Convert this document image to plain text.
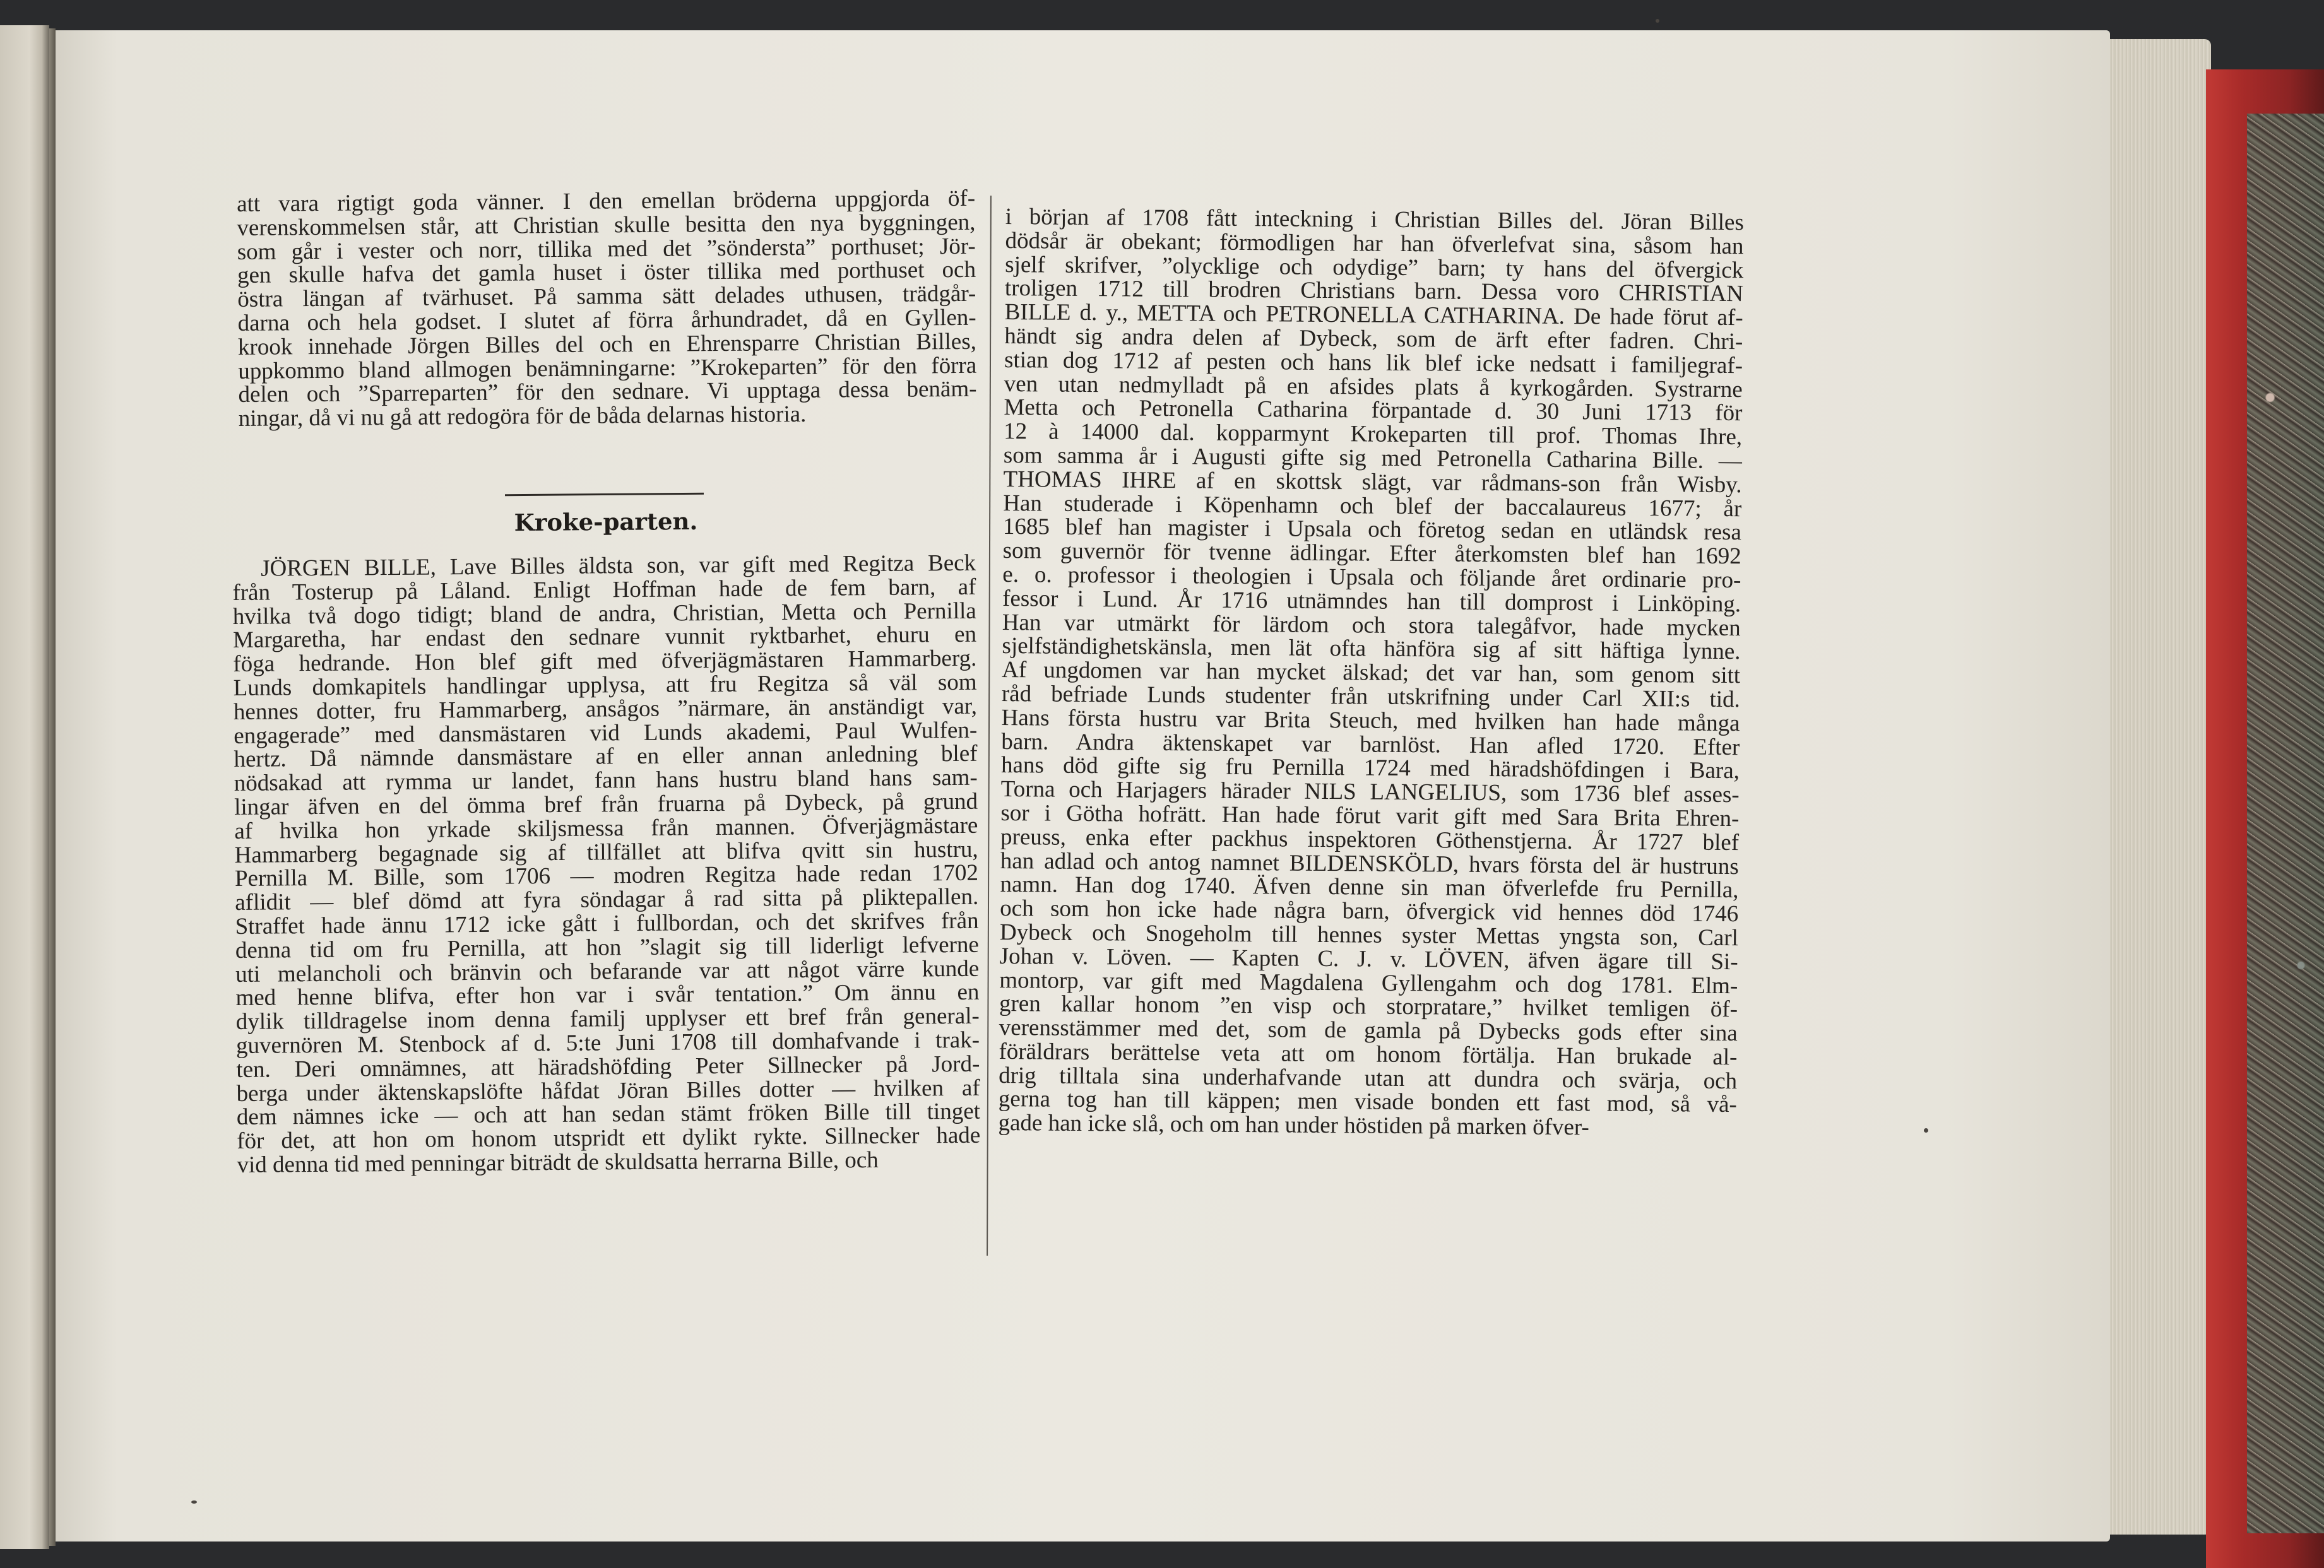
att vara rigtigt goda vänner. I den emellan bröderna uppgjorda öf-
verenskommelsen står, att Christian skulle besitta den nya byggningen,
som går i vester och norr, tillika med det ”söndersta” porthuset; Jör-
gen skulle hafva det gamla huset i öster tillika med porthuset och
östra längan af tvärhuset. På samma sätt delades uthusen, trädgår-
darna och hela godset. I slutet af förra århundradet, då en Gyllen-
krook innehade Jörgen Billes del och en Ehrensparre Christian Billes,
uppkommo bland allmogen benämningarne: ”Krokeparten” för den förra
delen och ”Sparreparten” för den sednare. Vi upptaga dessa benäm-
ningar, då vi nu gå att redogöra för de båda delarnas historia.
Kroke-parten.
JÖRGEN BILLE, Lave Billes äldsta son, var gift med Regitza Beck
från Tosterup på Låland. Enligt Hoffman hade de fem barn, af
hvilka två dogo tidigt; bland de andra, Christian, Metta och Pernilla
Margaretha, har endast den sednare vunnit ryktbarhet, ehuru en
föga hedrande. Hon blef gift med öfverjägmästaren Hammarberg.
Lunds domkapitels handlingar upplysa, att fru Regitza så väl som
hennes dotter, fru Hammarberg, ansågos ”närmare, än anständigt var,
engagerade” med dansmästaren vid Lunds akademi, Paul Wulfen-
hertz. Då nämnde dansmästare af en eller annan anledning blef
nödsakad att rymma ur landet, fann hans hustru bland hans sam-
lingar äfven en del ömma bref från fruarna på Dybeck, på grund
af hvilka hon yrkade skiljsmessa från mannen. Öfverjägmästare
Hammarberg begagnade sig af tillfället att blifva qvitt sin hustru,
Pernilla M. Bille, som 1706 — modren Regitza hade redan 1702
aflidit — blef dömd att fyra söndagar å rad sitta på pliktepallen.
Straffet hade ännu 1712 icke gått i fullbordan, och det skrifves från
denna tid om fru Pernilla, att hon ”slagit sig till liderligt lefverne
uti melancholi och bränvin och befarande var att något värre kunde
med henne blifva, efter hon var i svår tentation.” Om ännu en
dylik tilldragelse inom denna familj upplyser ett bref från general-
guvernören M. Stenbock af d. 5:te Juni 1708 till domhafvande i trak-
ten. Deri omnämnes, att häradshöfding Peter Sillnecker på Jord-
berga under äktenskapslöfte håfdat Jöran Billes dotter — hvilken af
dem nämnes icke — och att han sedan stämt fröken Bille till tinget
för det, att hon om honom utspridt ett dylikt rykte. Sillnecker hade
vid denna tid med penningar biträdt de skuldsatta herrarna Bille, och
i början af 1708 fått inteckning i Christian Billes del. Jöran Billes
dödsår är obekant; förmodligen har han öfverlefvat sina, såsom han
sjelf skrifver, ”olycklige och odydige” barn; ty hans del öfvergick
troligen 1712 till brodren Christians barn. Dessa voro CHRISTIAN
BILLE d. y., METTA och PETRONELLA CATHARINA. De hade förut af-
händt sig andra delen af Dybeck, som de ärft efter fadren. Chri-
stian dog 1712 af pesten och hans lik blef icke nedsatt i familjegraf-
ven utan nedmylladt på en afsides plats å kyrkogården. Systrarne
Metta och Petronella Catharina förpantade d. 30 Juni 1713 för
12 à 14000 dal. kopparmynt Krokeparten till prof. Thomas Ihre,
som samma år i Augusti gifte sig med Petronella Catharina Bille. —
THOMAS IHRE af en skottsk slägt, var rådmans-son från Wisby.
Han studerade i Köpenhamn och blef der baccalaureus 1677; år
1685 blef han magister i Upsala och företog sedan en utländsk resa
som guvernör för tvenne ädlingar. Efter återkomsten blef han 1692
e. o. professor i theologien i Upsala och följande året ordinarie pro-
fessor i Lund. År 1716 utnämndes han till domprost i Linköping.
Han var utmärkt för lärdom och stora talegåfvor, hade mycken
sjelfständighetskänsla, men lät ofta hänföra sig af sitt häftiga lynne.
Af ungdomen var han mycket älskad; det var han, som genom sitt
råd befriade Lunds studenter från utskrifning under Carl XII:s tid.
Hans första hustru var Brita Steuch, med hvilken han hade många
barn. Andra äktenskapet var barnlöst. Han afled 1720. Efter
hans död gifte sig fru Pernilla 1724 med häradshöfdingen i Bara,
Torna och Harjagers härader NILS LANGELIUS, som 1736 blef asses-
sor i Götha hofrätt. Han hade förut varit gift med Sara Brita Ehren-
preuss, enka efter packhus inspektoren Göthenstjerna. År 1727 blef
han adlad och antog namnet BILDENSKÖLD, hvars första del är hustruns
namn. Han dog 1740. Äfven denne sin man öfverlefde fru Pernilla,
och som hon icke hade några barn, öfvergick vid hennes död 1746
Dybeck och Snogeholm till hennes syster Mettas yngsta son, Carl
Johan v. Löven. — Kapten C. J. v. LÖVEN, äfven ägare till Si-
montorp, var gift med Magdalena Gyllengahm och dog 1781. Elm-
gren kallar honom ”en visp och storpratare,” hvilket temligen öf-
verensstämmer med det, som de gamla på Dybecks gods efter sina
föräldrars berättelse veta att om honom förtälja. Han brukade al-
drig tilltala sina underhafvande utan att dundra och svärja, och
gerna tog han till käppen; men visade bonden ett fast mod, så vå-
gade han icke slå, och om han under höstiden på marken öfver-
